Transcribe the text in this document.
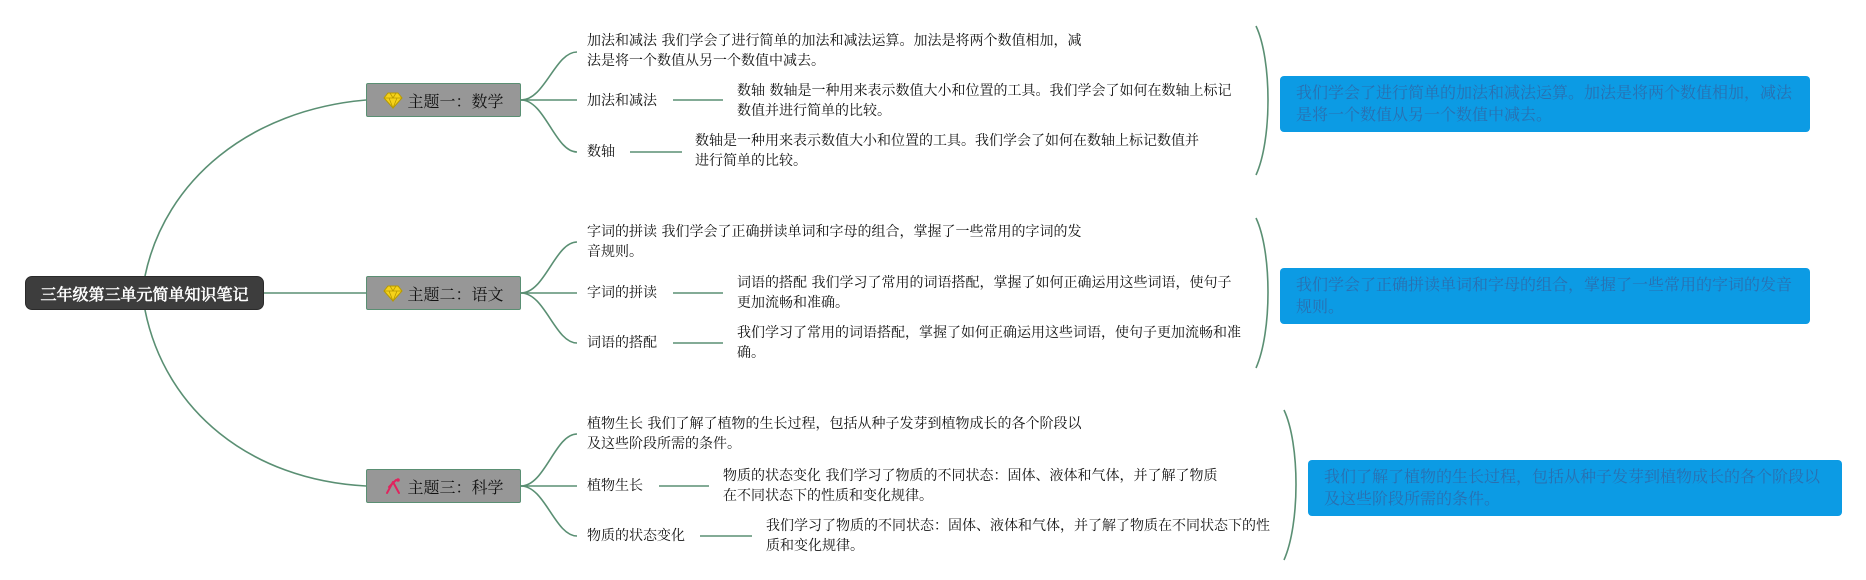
三年级第三单元简单知识笔记
主题一：数学
加法和减法 我们学会了进行简单的加法和减法运算。加法是将两个数值相加，减法是将一个数值从另一个数值中减去。
加法和减法
数轴 数轴是一种用来表示数值大小和位置的工具。我们学会了如何在数轴上标记数值并进行简单的比较。
数轴
数轴是一种用来表示数值大小和位置的工具。我们学会了如何在数轴上标记数值并进行简单的比较。
我们学会了进行简单的加法和减法运算。加法是将两个数值相加，减法是将一个数值从另一个数值中减去。
主题二：语文
字词的拼读 我们学会了正确拼读单词和字母的组合，掌握了一些常用的字词的发音规则。
字词的拼读
词语的搭配 我们学习了常用的词语搭配，掌握了如何正确运用这些词语，使句子更加流畅和准确。
词语的搭配
我们学习了常用的词语搭配，掌握了如何正确运用这些词语，使句子更加流畅和准确。
我们学会了正确拼读单词和字母的组合，掌握了一些常用的字词的发音规则。
主题三：科学
植物生长 我们了解了植物的生长过程，包括从种子发芽到植物成长的各个阶段以及这些阶段所需的条件。
植物生长
物质的状态变化 我们学习了物质的不同状态：固体、液体和气体，并了解了物质在不同状态下的性质和变化规律。
物质的状态变化
我们学习了物质的不同状态：固体、液体和气体，并了解了物质在不同状态下的性质和变化规律。
我们了解了植物的生长过程，包括从种子发芽到植物成长的各个阶段以及这些阶段所需的条件。
